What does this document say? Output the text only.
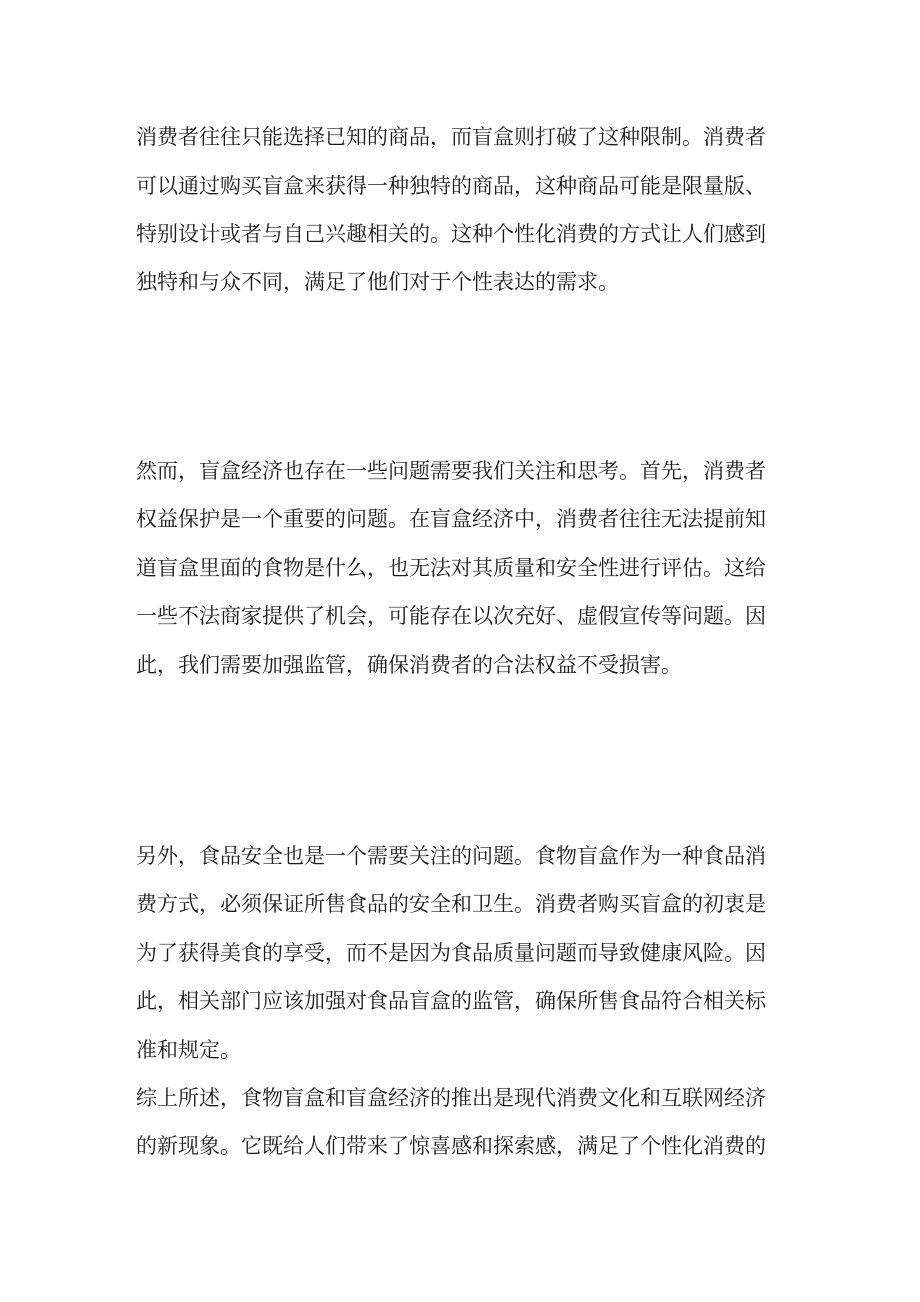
消费者往往只能选择已知的商品，而盲盒则打破了这种限制。消费者
可以通过购买盲盒来获得一种独特的商品，这种商品可能是限量版、
特别设计或者与自己兴趣相关的。这种个性化消费的方式让人们感到
独特和与众不同，满足了他们对于个性表达的需求。
然而，盲盒经济也存在一些问题需要我们关注和思考。首先，消费者
权益保护是一个重要的问题。在盲盒经济中，消费者往往无法提前知
道盲盒里面的食物是什么，也无法对其质量和安全性进行评估。这给
一些不法商家提供了机会，可能存在以次充好、虚假宣传等问题。因
此，我们需要加强监管，确保消费者的合法权益不受损害。
另外，食品安全也是一个需要关注的问题。食物盲盒作为一种食品消
费方式，必须保证所售食品的安全和卫生。消费者购买盲盒的初衷是
为了获得美食的享受，而不是因为食品质量问题而导致健康风险。因
此，相关部门应该加强对食品盲盒的监管，确保所售食品符合相关标
准和规定。
综上所述，食物盲盒和盲盒经济的推出是现代消费文化和互联网经济
的新现象。它既给人们带来了惊喜感和探索感，满足了个性化消费的
